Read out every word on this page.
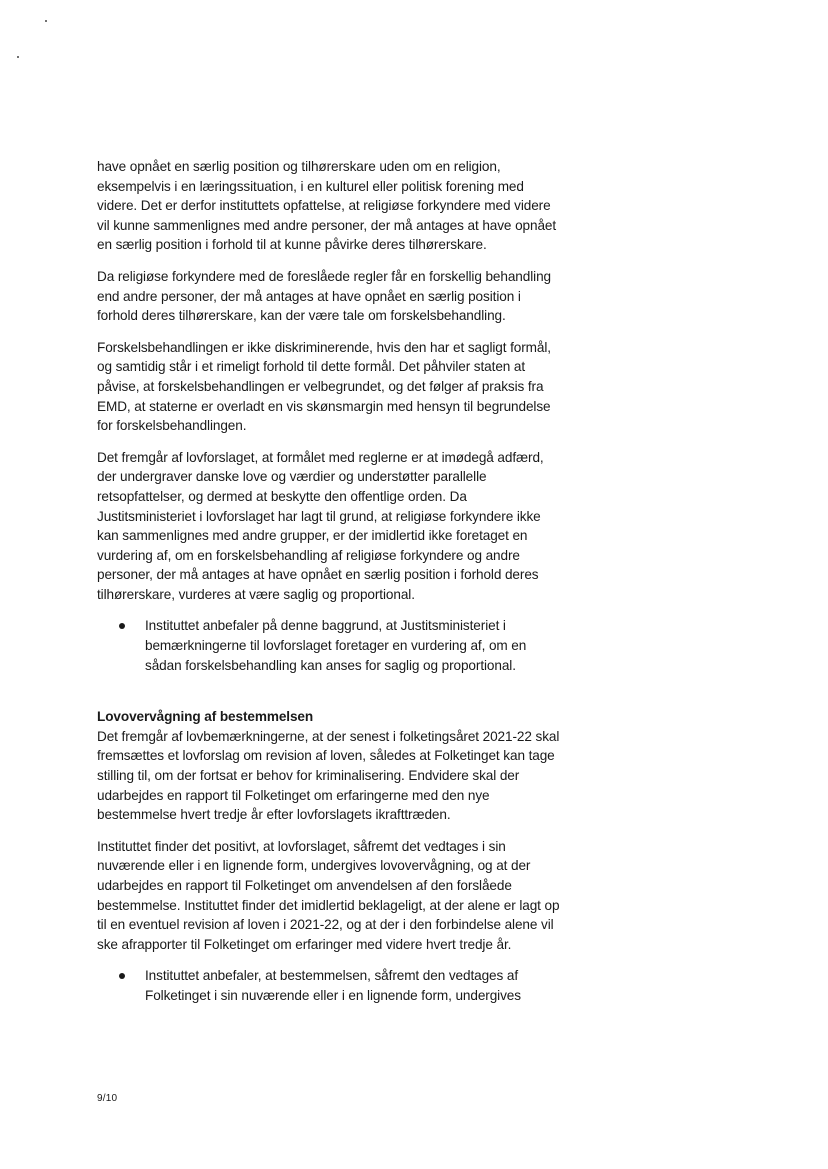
have opnået en særlig position og tilhørerskare uden om en religion, eksempelvis i en læringssituation, i en kulturel eller politisk forening med videre. Det er derfor instituttets opfattelse, at religiøse forkyndere med videre vil kunne sammenlignes med andre personer, der må antages at have opnået en særlig position i forhold til at kunne påvirke deres tilhørerskare.

Da religiøse forkyndere med de foreslåede regler får en forskellig behandling end andre personer, der må antages at have opnået en særlig position i forhold deres tilhørerskare, kan der være tale om forskelsbehandling.

Forskelsbehandlingen er ikke diskriminerende, hvis den har et sagligt formål, og samtidig står i et rimeligt forhold til dette formål. Det påhviler staten at påvise, at forskelsbehandlingen er velbegrundet, og det følger af praksis fra EMD, at staterne er overladt en vis skønsmargin med hensyn til begrundelse for forskelsbehandlingen.

Det fremgår af lovforslaget, at formålet med reglerne er at imødegå adfærd, der undergraver danske love og værdier og understøtter parallelle retsopfattelser, og dermed at beskytte den offentlige orden. Da Justitsministeriet i lovforslaget har lagt til grund, at religiøse forkyndere ikke kan sammenlignes med andre grupper, er der imidlertid ikke foretaget en vurdering af, om en forskelsbehandling af religiøse forkyndere og andre personer, der må antages at have opnået en særlig position i forhold deres tilhørerskare, vurderes at være saglig og proportional.

Instituttet anbefaler på denne baggrund, at Justitsministeriet i bemærkningerne til lovforslaget foretager en vurdering af, om en sådan forskelsbehandling kan anses for saglig og proportional.

Lovovervågning af bestemmelsen

Det fremgår af lovbemærkningerne, at der senest i folketingsåret 2021-22 skal fremsættes et lovforslag om revision af loven, således at Folketinget kan tage stilling til, om der fortsat er behov for kriminalisering. Endvidere skal der udarbejdes en rapport til Folketinget om erfaringerne med den nye bestemmelse hvert tredje år efter lovforslagets ikrafttræden.

Instituttet finder det positivt, at lovforslaget, såfremt det vedtages i sin nuværende eller i en lignende form, undergives lovovervågning, og at der udarbejdes en rapport til Folketinget om anvendelsen af den forslåede bestemmelse. Instituttet finder det imidlertid beklageligt, at der alene er lagt op til en eventuel revision af loven i 2021-22, og at der i den forbindelse alene vil ske afrapporter til Folketinget om erfaringer med videre hvert tredje år.

Instituttet anbefaler, at bestemmelsen, såfremt den vedtages af Folketinget i sin nuværende eller i en lignende form, undergives
9/10
